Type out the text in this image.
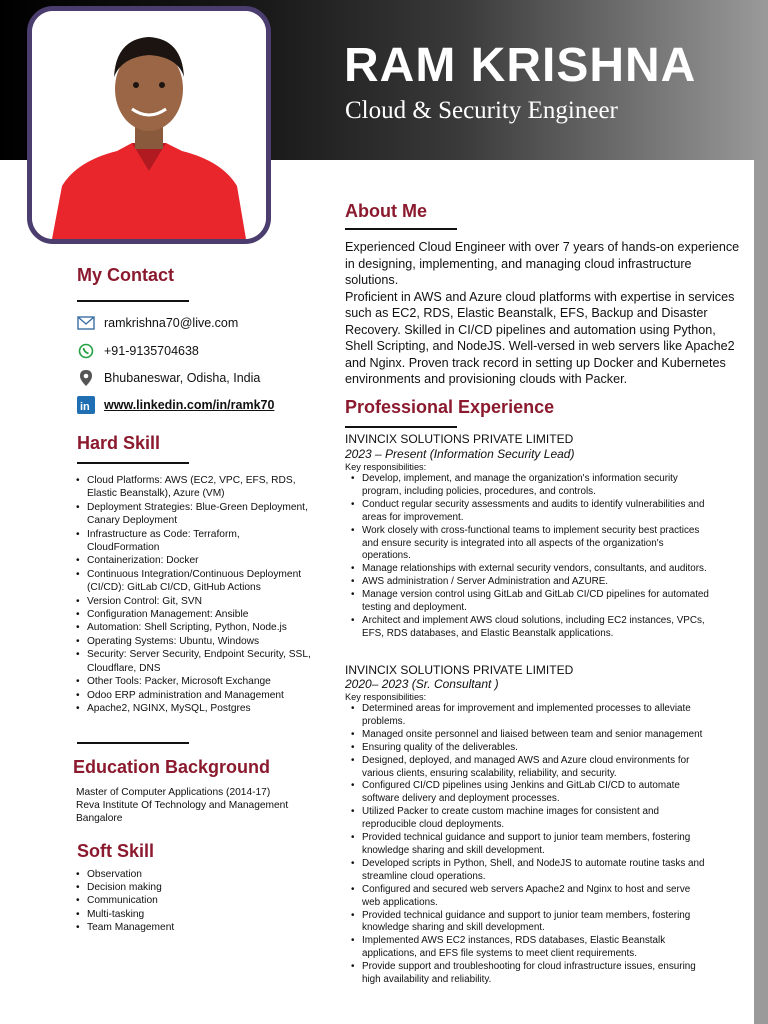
RAM KRISHNA
Cloud & Security Engineer
My Contact
ramkrishna70@live.com
+91-9135704638
Bhubaneswar, Odisha, India
in www.linkedin.com/in/ramk70
Hard Skill
• Cloud Platforms: AWS (EC2, VPC, EFS, RDS, Elastic Beanstalk), Azure (VM)
• Deployment Strategies: Blue-Green Deployment, Canary Deployment
• Infrastructure as Code: Terraform, CloudFormation
• Containerization: Docker
• Continuous Integration/Continuous Deployment (CI/CD): GitLab CI/CD, GitHub Actions
• Version Control: Git, SVN
• Configuration Management: Ansible
• Automation: Shell Scripting, Python, Node.js
• Operating Systems: Ubuntu, Windows
• Security: Server Security, Endpoint Security, SSL, Cloudflare, DNS
• Other Tools: Packer, Microsoft Exchange
• Odoo ERP administration and Management
• Apache2, NGINX, MySQL, Postgres
Education Background
Master of Computer Applications (2014-17)
Reva Institute Of Technology and Management
Bangalore
Soft Skill
• Observation
• Decision making
• Communication
• Multi-tasking
• Team Management
About Me

Experienced Cloud Engineer with over 7 years of hands-on experience in designing, implementing, and managing cloud infrastructure solutions.

Proficient in AWS and Azure cloud platforms with expertise in services such as EC2, RDS, Elastic Beanstalk, EFS, Backup and Disaster Recovery. Skilled in CI/CD pipelines and automation using Python, Shell Scripting, and NodeJS. Well-versed in web servers like Apache2 and Nginx. Proven track record in setting up Docker and Kubernetes environments and provisioning clouds with Packer.

Professional Experience
INVINCIX SOLUTIONS PRIVATE LIMITED
2023 – Present (Information Security Lead)
Key responsibilities:
• Develop, implement, and manage the organization's information security program, including policies, procedures, and controls.
• Conduct regular security assessments and audits to identify vulnerabilities and areas for improvement.
• Work closely with cross-functional teams to implement security best practices and ensure security is integrated into all aspects of the organization's operations.
• Manage relationships with external security vendors, consultants, and auditors.
• AWS administration / Server Administration and AZURE.
• Manage version control using GitLab and GitLab CI/CD pipelines for automated testing and deployment.
• Architect and implement AWS cloud solutions, including EC2 instances, VPCs, EFS, RDS databases, and Elastic Beanstalk applications.
INVINCIX SOLUTIONS PRIVATE LIMITED
2020– 2023 (Sr. Consultant )
Key responsibilities:
• Determined areas for improvement and implemented processes to alleviate problems.
• Managed onsite personnel and liaised between team and senior management
• Ensuring quality of the deliverables.
• Designed, deployed, and managed AWS and Azure cloud environments for various clients, ensuring scalability, reliability, and security.
• Configured CI/CD pipelines using Jenkins and GitLab CI/CD to automate software delivery and deployment processes.
• Utilized Packer to create custom machine images for consistent and reproducible cloud deployments.
• Provided technical guidance and support to junior team members, fostering knowledge sharing and skill development.
• Developed scripts in Python, Shell, and NodeJS to automate routine tasks and streamline cloud operations.
• Configured and secured web servers Apache2 and Nginx to host and serve web applications.
• Provided technical guidance and support to junior team members, fostering knowledge sharing and skill development.
• Implemented AWS EC2 instances, RDS databases, Elastic Beanstalk applications, and EFS file systems to meet client requirements.
• Provide support and troubleshooting for cloud infrastructure issues, ensuring high availability and reliability.
